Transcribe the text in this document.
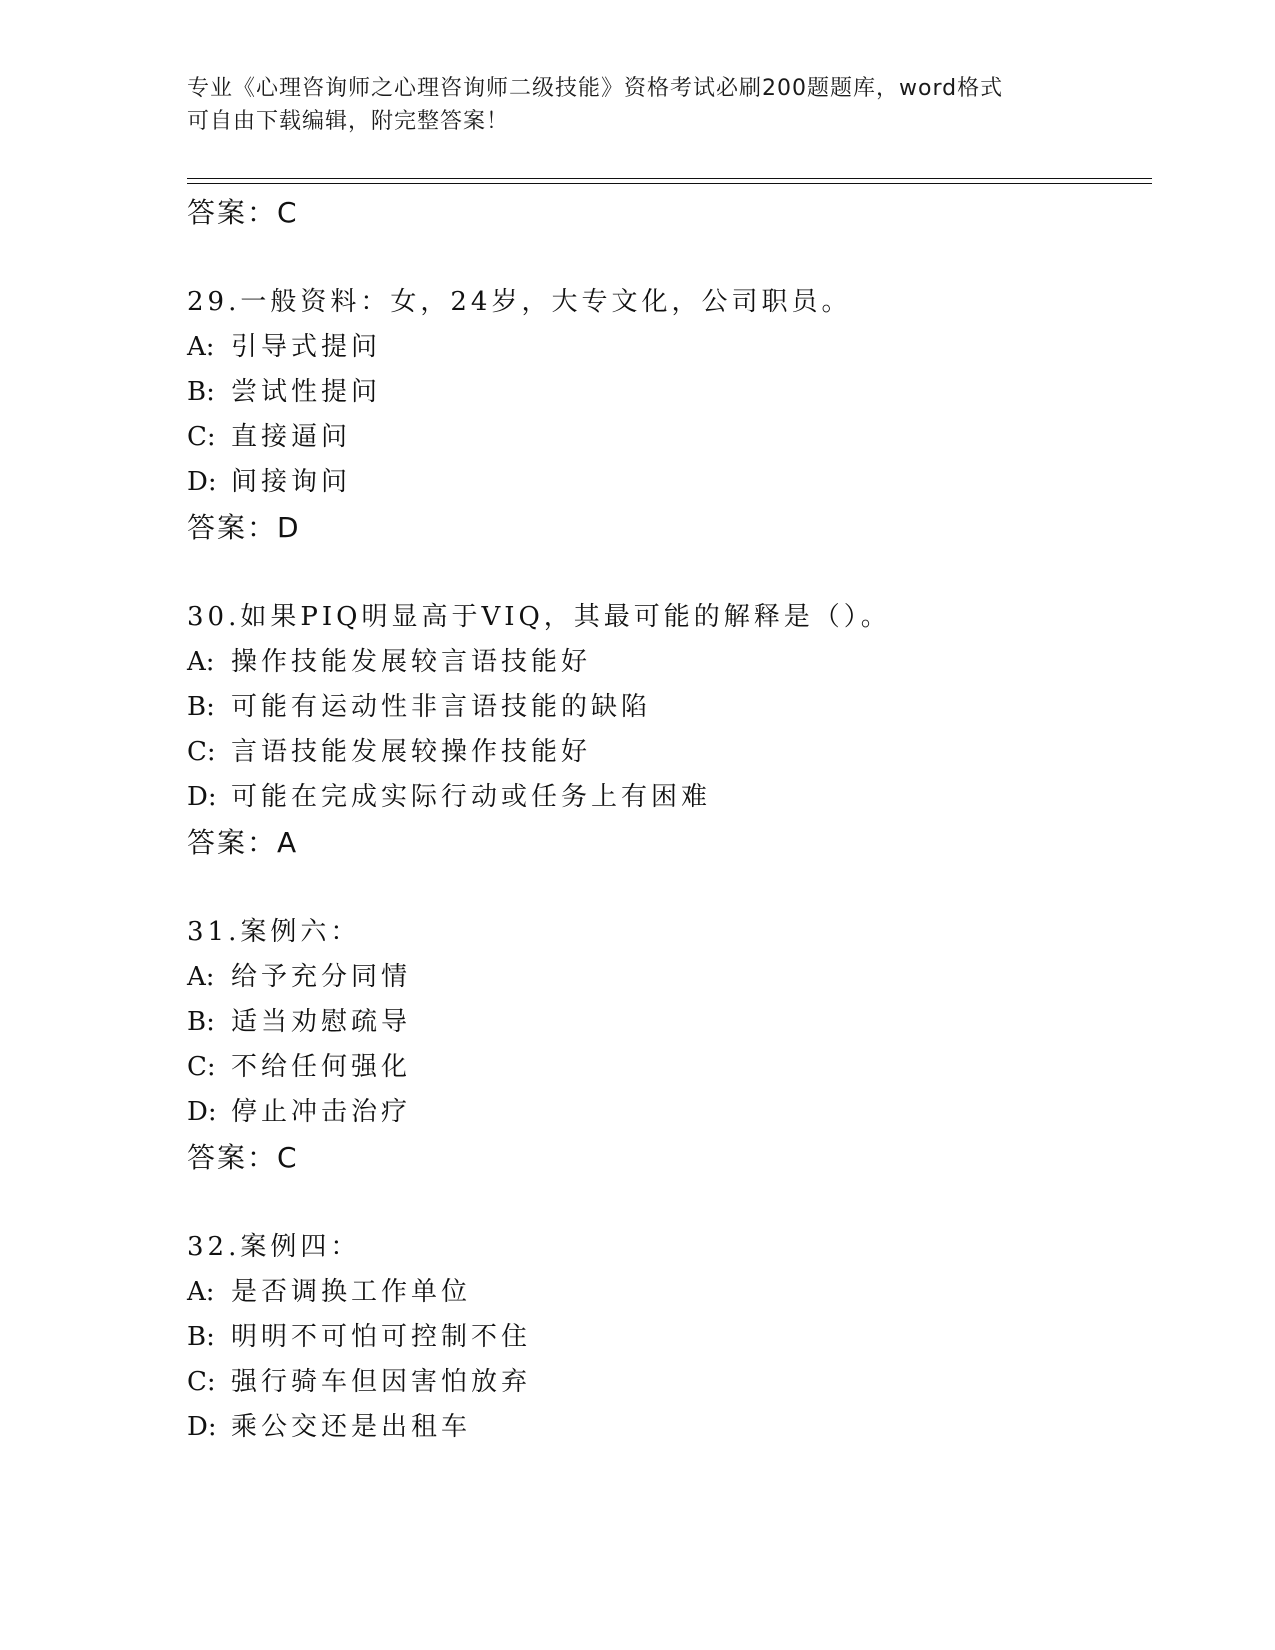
专业《心理咨询师之心理咨询师二级技能》资格考试必刷200题题库，word格式
可自由下载编辑，附完整答案！
答案：C
29.一般资料：女，24岁，大专文化，公司职员。
A: 引导式提问
B: 尝试性提问
C: 直接逼问
D: 间接询问
答案：D
30.如果PIQ明显高于VIQ，其最可能的解释是（）。
A: 操作技能发展较言语技能好
B: 可能有运动性非言语技能的缺陷
C: 言语技能发展较操作技能好
D: 可能在完成实际行动或任务上有困难
答案：A
31.案例六：
A: 给予充分同情
B: 适当劝慰疏导
C: 不给任何强化
D: 停止冲击治疗
答案：C
32.案例四：
A: 是否调换工作单位
B: 明明不可怕可控制不住
C: 强行骑车但因害怕放弃
D: 乘公交还是出租车
